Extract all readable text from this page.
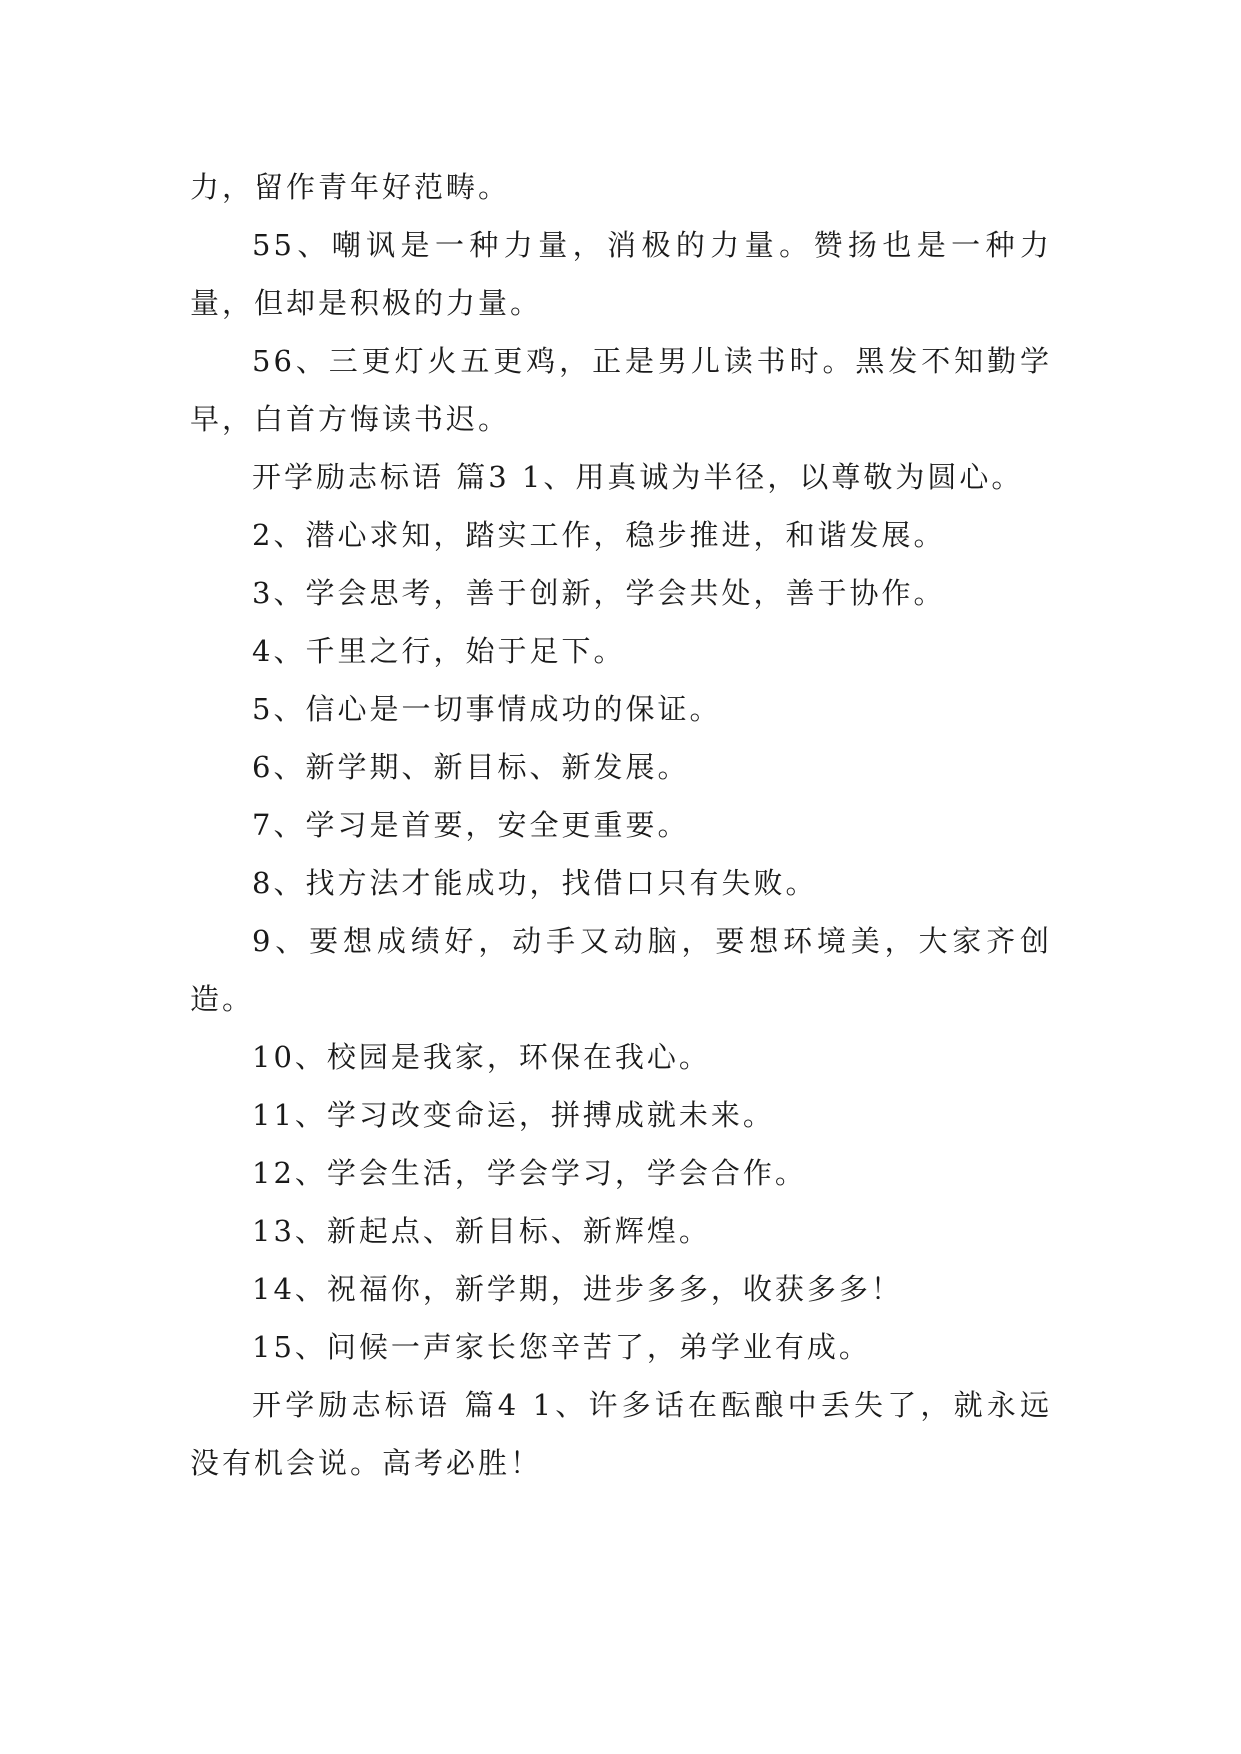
力，留作青年好范畴。

55、嘲讽是一种力量，消极的力量。赞扬也是一种力量，但却是积极的力量。

56、三更灯火五更鸡，正是男儿读书时。黑发不知勤学早，白首方悔读书迟。

开学励志标语 篇3 1、用真诚为半径，以尊敬为圆心。

2、潜心求知，踏实工作，稳步推进，和谐发展。

3、学会思考，善于创新，学会共处，善于协作。

4、千里之行，始于足下。

5、信心是一切事情成功的保证。

6、新学期、新目标、新发展。

7、学习是首要，安全更重要。

8、找方法才能成功，找借口只有失败。

9、要想成绩好，动手又动脑，要想环境美，大家齐创造。

10、校园是我家，环保在我心。

11、学习改变命运，拼搏成就未来。

12、学会生活，学会学习，学会合作。

13、新起点、新目标、新辉煌。

14、祝福你，新学期，进步多多，收获多多！

15、问候一声家长您辛苦了，弟学业有成。

开学励志标语 篇4 1、许多话在酝酿中丢失了，就永远没有机会说。高考必胜！
